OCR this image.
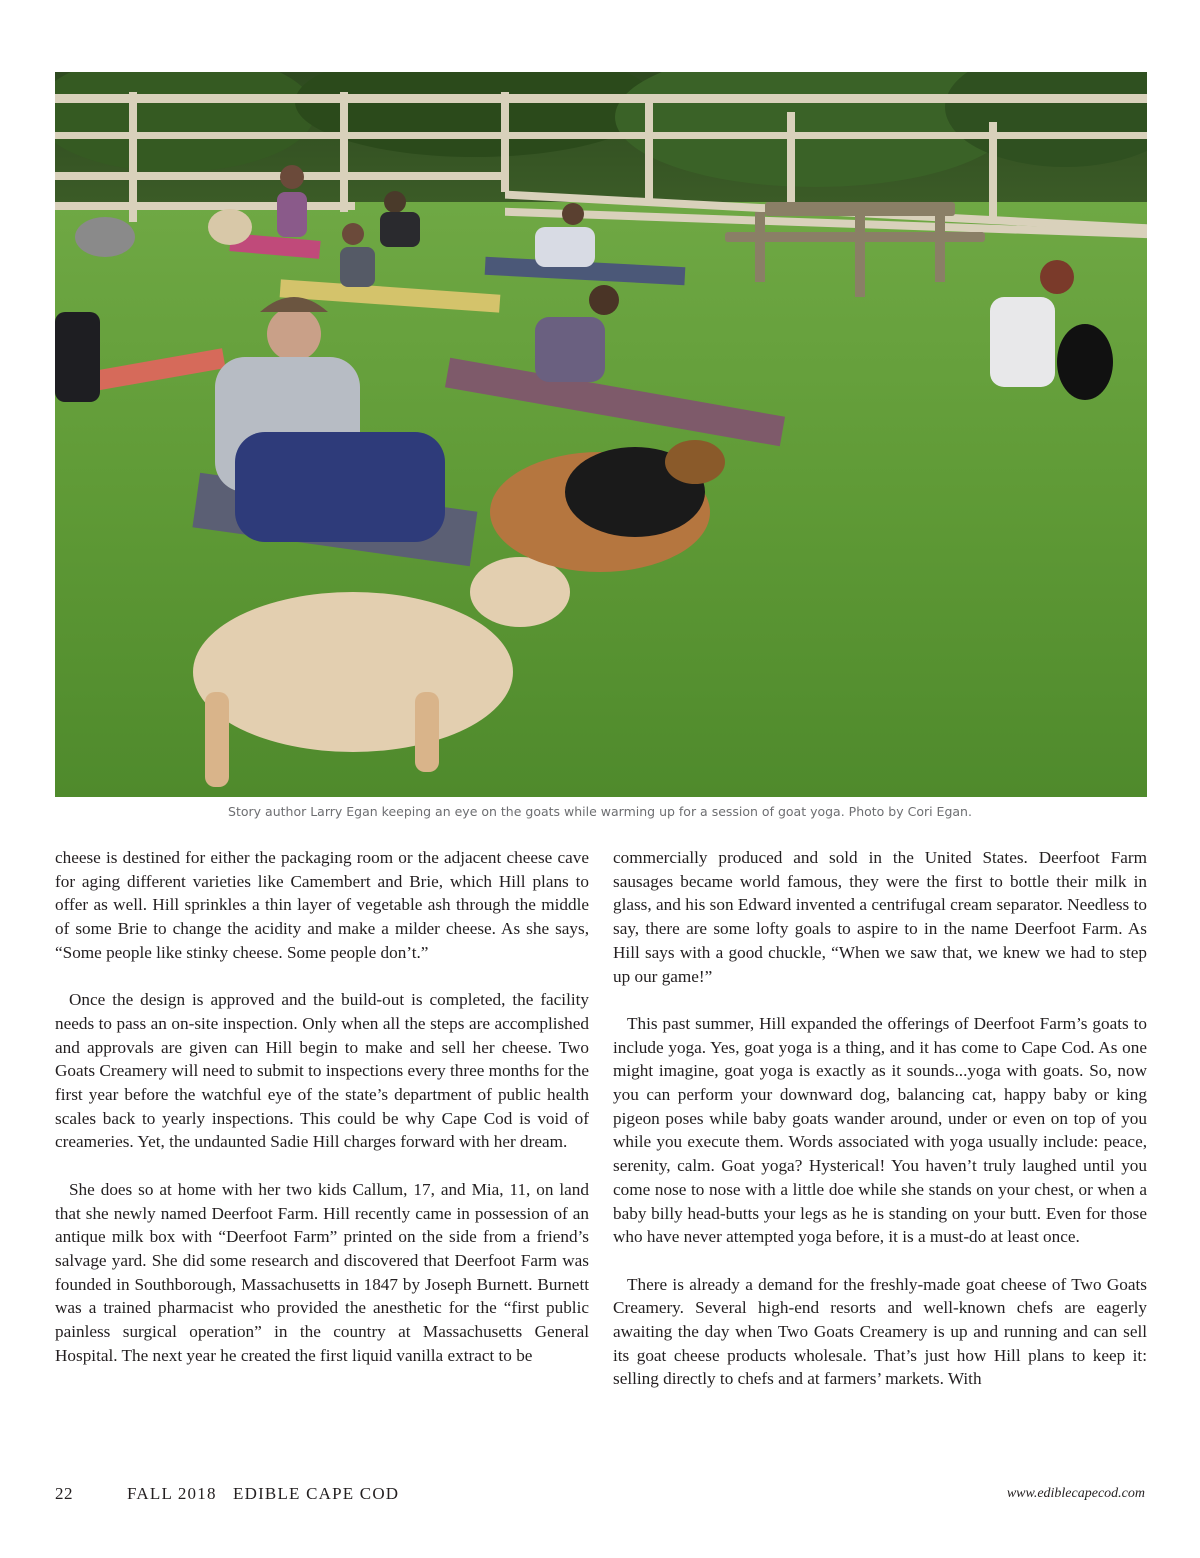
Story author Larry Egan keeping an eye on the goats while warming up for a session of goat yoga. Photo by Cori Egan.

cheese is destined for either the packaging room or the adjacent cheese cave for aging different varieties like Camembert and Brie, which Hill plans to offer as well. Hill sprinkles a thin layer of vegetable ash through the middle of some Brie to change the acidity and make a milder cheese. As she says, “Some people like stinky cheese. Some people don’t.”

Once the design is approved and the build-out is completed, the facility needs to pass an on-site inspection. Only when all the steps are accomplished and approvals are given can Hill begin to make and sell her cheese. Two Goats Creamery will need to submit to inspections every three months for the first year before the watchful eye of the state’s department of public health scales back to yearly inspections. This could be why Cape Cod is void of creameries. Yet, the undaunted Sadie Hill charges forward with her dream.

She does so at home with her two kids Callum, 17, and Mia, 11, on land that she newly named Deerfoot Farm. Hill recently came in possession of an antique milk box with “Deerfoot Farm” printed on the side from a friend’s salvage yard. She did some research and discovered that Deerfoot Farm was founded in Southborough, Massachusetts in 1847 by Joseph Burnett. Burnett was a trained pharmacist who provided the anesthetic for the “first public painless surgical operation” in the country at Massachusetts General Hospital. The next year he created the first liquid vanilla extract to be

commercially produced and sold in the United States. Deerfoot Farm sausages became world famous, they were the first to bottle their milk in glass, and his son Edward invented a centrifugal cream separator. Needless to say, there are some lofty goals to aspire to in the name Deerfoot Farm. As Hill says with a good chuckle, “When we saw that, we knew we had to step up our game!”

This past summer, Hill expanded the offerings of Deerfoot Farm’s goats to include yoga. Yes, goat yoga is a thing, and it has come to Cape Cod. As one might imagine, goat yoga is exactly as it sounds...yoga with goats. So, now you can perform your downward dog, balancing cat, happy baby or king pigeon poses while baby goats wander around, under or even on top of you while you execute them. Words associated with yoga usually include: peace, serenity, calm. Goat yoga? Hysterical! You haven’t truly laughed until you come nose to nose with a little doe while she stands on your chest, or when a baby billy head-butts your legs as he is standing on your butt. Even for those who have never attempted yoga before, it is a must-do at least once.

There is already a demand for the freshly-made goat cheese of Two Goats Creamery. Several high-end resorts and well-known chefs are eagerly awaiting the day when Two Goats Creamery is up and running and can sell its goat cheese products wholesale. That’s just how Hill plans to keep it: selling directly to chefs and at farmers’ markets. With

22	FALL 2018   EDIBLE CAPE COD	www.ediblecapecod.com
